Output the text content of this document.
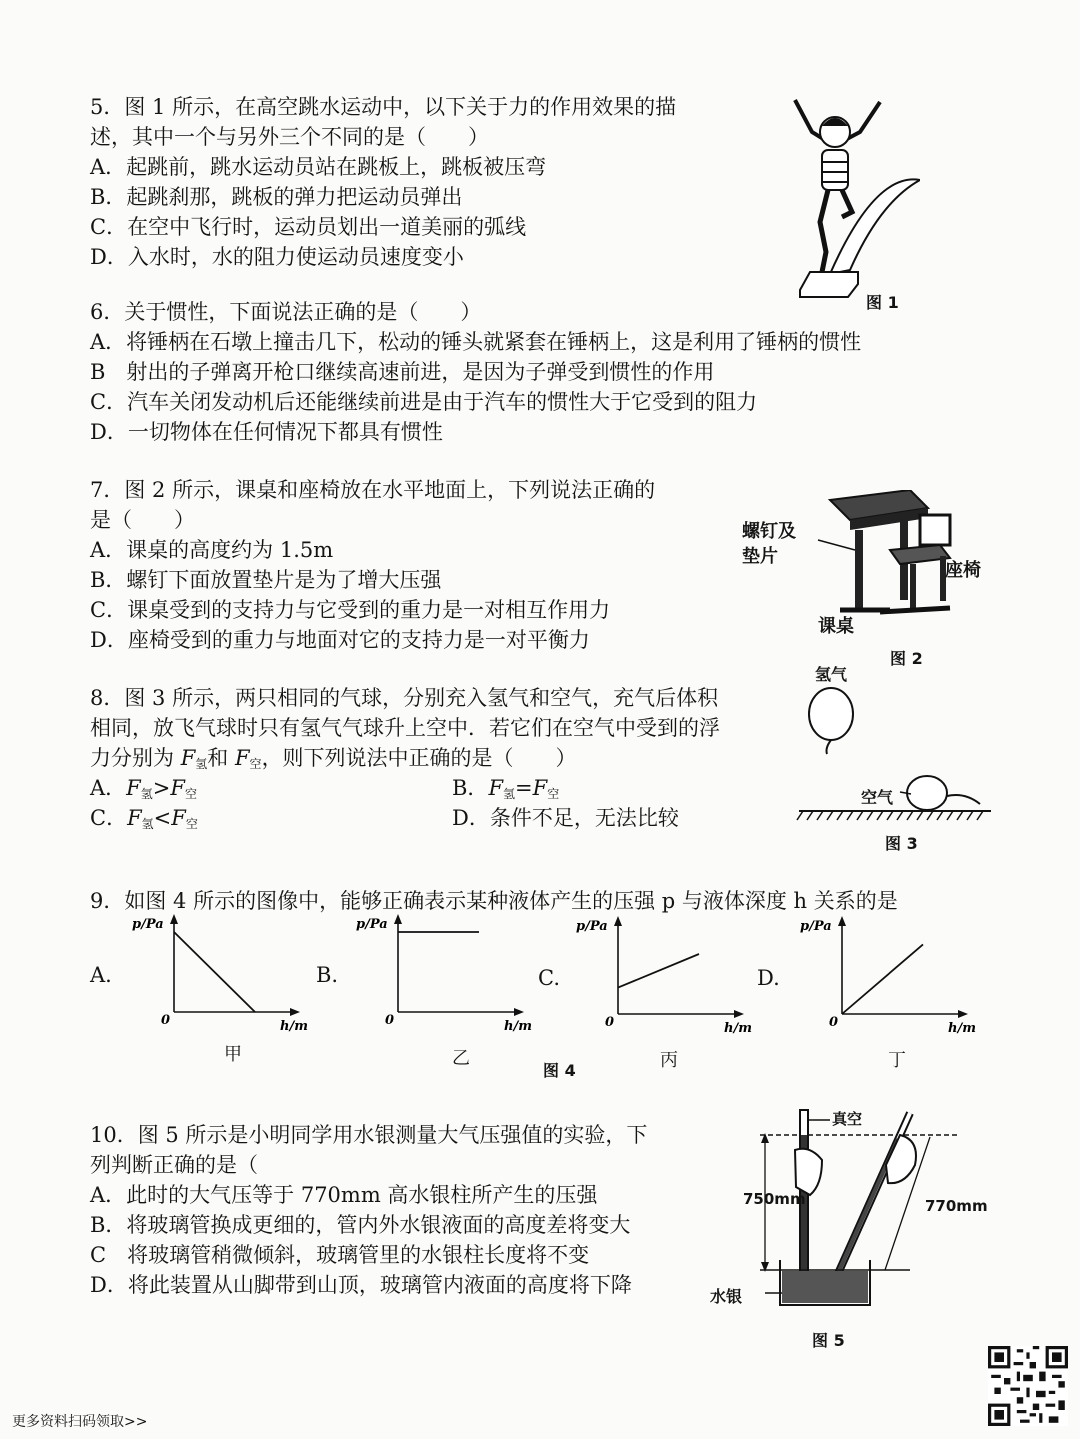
5．图 1 所示，在高空跳水运动中，以下关于力的作用效果的描

述，其中一个与另外三个不同的是（　　）

A．起跳前，跳水运动员站在跳板上，跳板被压弯

B．起跳刹那，跳板的弹力把运动员弹出

C．在空中飞行时，运动员划出一道美丽的弧线

D．入水时，水的阻力使运动员速度变小

图 1

6．关于惯性，下面说法正确的是（　　）

A．将锤柄在石墩上撞击几下，松动的锤头就紧套在锤柄上，这是利用了锤柄的惯性

B　射出的子弹离开枪口继续高速前进，是因为子弹受到惯性的作用

C．汽车关闭发动机后还能继续前进是由于汽车的惯性大于它受到的阻力

D．一切物体在任何情况下都具有惯性

7．图 2 所示，课桌和座椅放在水平地面上，下列说法正确的

是（　　）

A．课桌的高度约为 1.5m

B．螺钉下面放置垫片是为了增大压强

C．课桌受到的支持力与它受到的重力是一对相互作用力

D．座椅受到的重力与地面对它的支持力是一对平衡力

螺钉及
垫片
座椅
课桌
图 2

8．图 3 所示，两只相同的气球，分别充入氢气和空气，充气后体积

相同，放飞气球时只有氢气气球升上空中．若它们在空气中受到的浮

力分别为 $F_氢$和 $F_空$，则下列说法中正确的是（　　）

A．$F_氢>F_空$	B．$F_氢=F_空$

C．$F_氢<F_空$	D．条件不足，无法比较

氢气
空气
图 3

9．如图 4 所示的图像中，能够正确表示某种液体产生的压强 p 与液体深度 h 关系的是

A.	B.	C.	D.
p/Pa
h/m
0
p/Pa
h/m
0
p/Pa
h/m
0
p/Pa
h/m
0
甲	乙
图 4	丙	丁

10．图 5 所示是小明同学用水银测量大气压强值的实验，下

列判断正确的是（

A．此时的大气压等于 770mm 高水银柱所产生的压强

B．将玻璃管换成更细的，管内外水银液面的高度差将变大

C　将玻璃管稍微倾斜，玻璃管里的水银柱长度将不变

D．将此装置从山脚带到山顶，玻璃管内液面的高度将下降

真空
750mm	770mm
水银
图 5
更多资料扫码领取>>
